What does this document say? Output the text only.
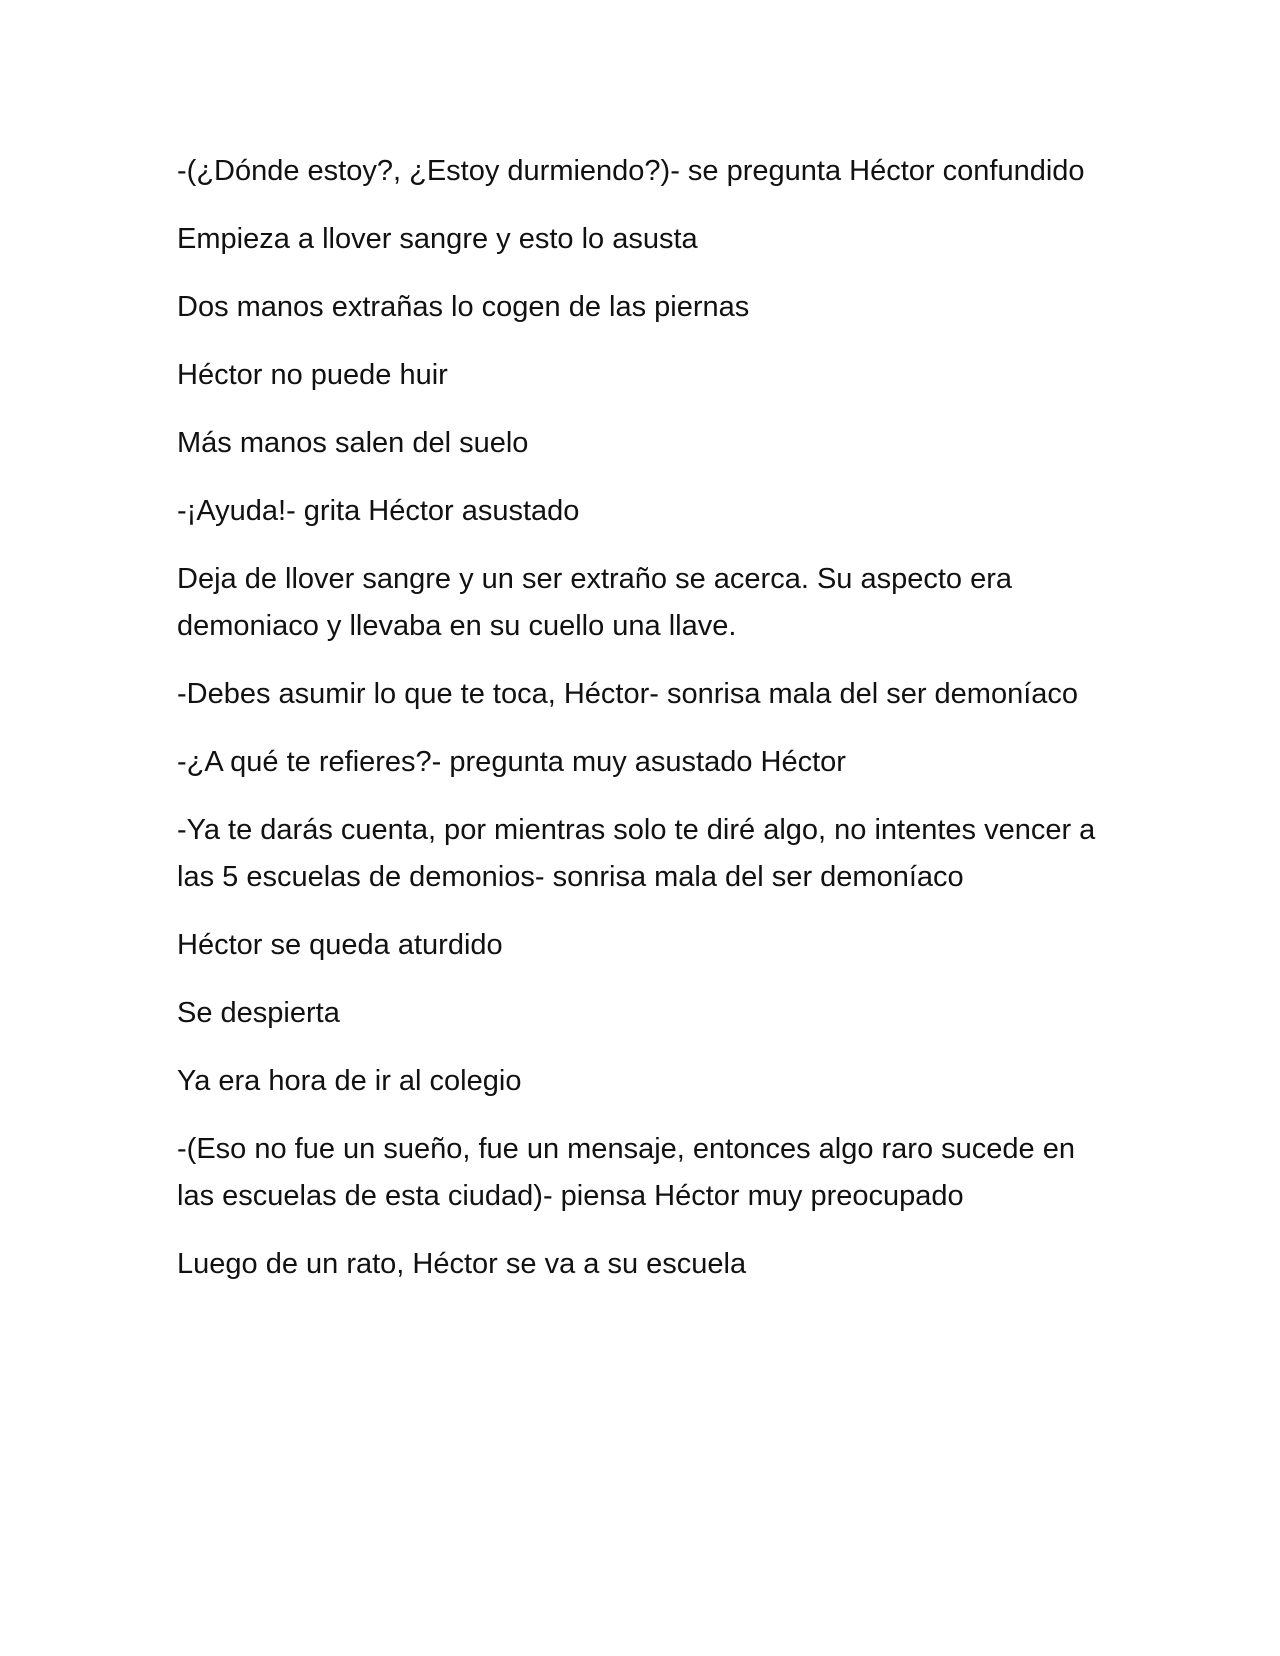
-(¿Dónde estoy?, ¿Estoy durmiendo?)- se pregunta Héctor confundido

Empieza a llover sangre y esto lo asusta

Dos manos extrañas lo cogen de las piernas

Héctor no puede huir

Más manos salen del suelo

-¡Ayuda!- grita Héctor asustado

Deja de llover sangre y un ser extraño se acerca. Su aspecto era demoniaco y llevaba en su cuello una llave.

-Debes asumir lo que te toca, Héctor- sonrisa mala del ser demoníaco

-¿A qué te refieres?- pregunta muy asustado Héctor

-Ya te darás cuenta, por mientras solo te diré algo, no intentes vencer a las 5 escuelas de demonios- sonrisa mala del ser demoníaco

Héctor se queda aturdido

Se despierta

Ya era hora de ir al colegio

-(Eso no fue un sueño, fue un mensaje, entonces algo raro sucede en las escuelas de esta ciudad)- piensa Héctor muy preocupado

Luego de un rato, Héctor se va a su escuela
